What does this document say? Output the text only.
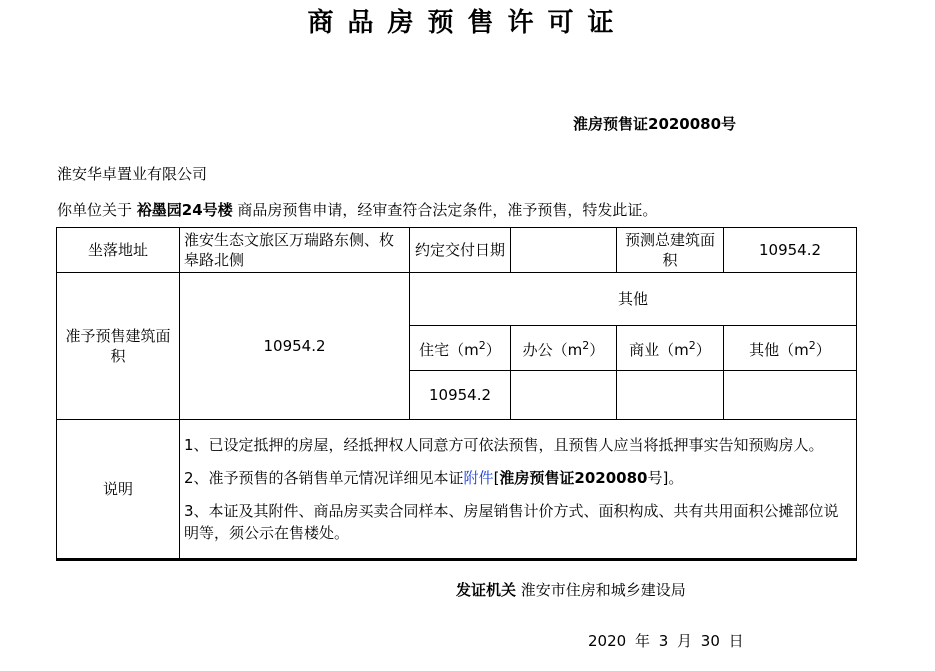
商品房预售许可证
淮房预售证2020080号
淮安华卓置业有限公司
你单位关于 裕墨园24号楼 商品房预售申请，经审查符合法定条件，准予预售，特发此证。
坐落地址	淮安生态文旅区万瑞路东侧、枚皋路北侧	约定交付日期		预测总建筑面积	10954.2
准予预售建筑面积	10954.2	其他			
		住宅$(m^2)$	办公$(m^2)$	商业$(m^2)$	其他$(m^2)$
		10954.2			
说明	1、已设定抵押的房屋，经抵押权人同意方可依法预售，且预售人应当将抵押事实告知预购房人。

2、准予预售的各销售单元情况详细见本证附件[淮房预售证2020080号]。

3、本证及其附件、商品房买卖合同样本、房屋销售计价方式、面积构成、共有共用面积公摊部位说明等，须公示在售楼处。				

发证机关 淮安市住房和城乡建设局
2020 年 3 月 30 日
